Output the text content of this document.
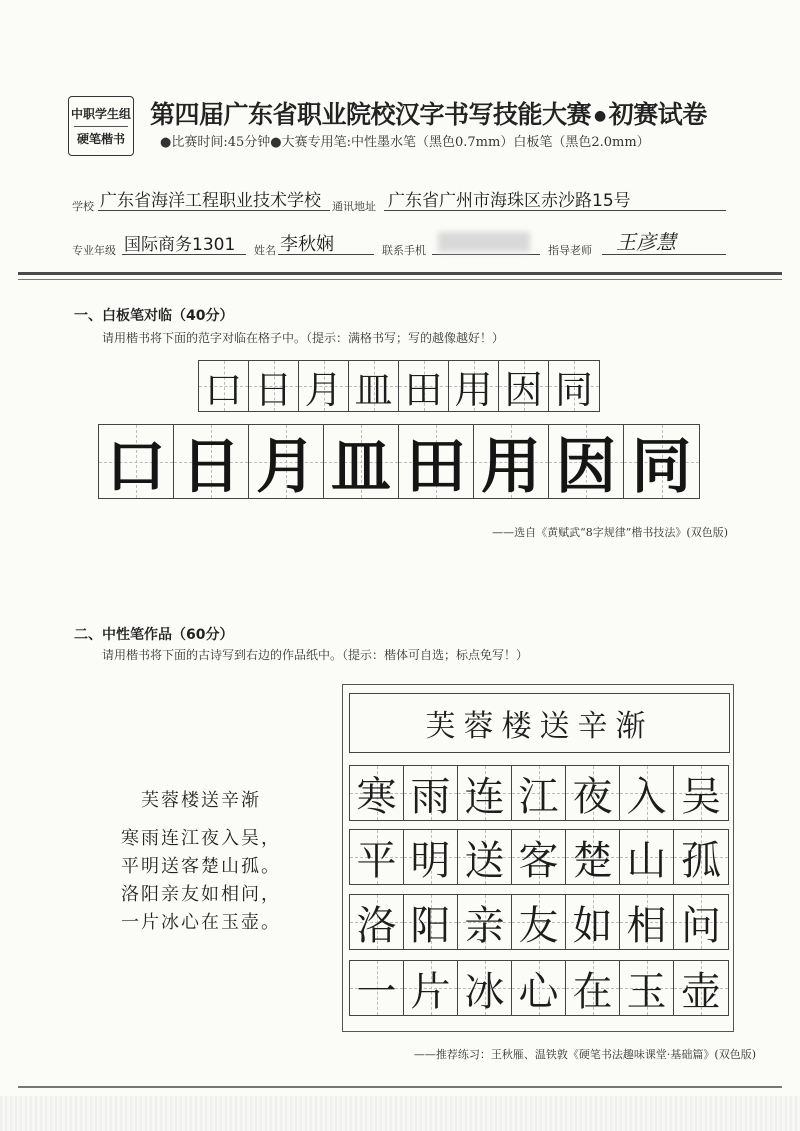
中职学生组
硬笔楷书
第四届广东省职业院校汉字书写技能大赛 ● 初赛试卷
●比赛时间:45分钟●大赛专用笔:中性墨水笔（黑色0.7mm）白板笔（黑色2.0mm）
学校 广东省海洋工程职业技术学校 通讯地址 广东省广州市海珠区赤沙路15号
专业年级 国际商务1301 姓名 李秋娴	联系手机	指导老师 王彦慧
一、白板笔对临（40分）
请用楷书将下面的范字对临在格子中。（提示：满格书写；写的越像越好！）
口 日 月 皿 田 用 因 同
口 日 月 皿 田 用 因 同
——选自《黄赋武“8字规律”楷书技法》(双色版)
二、中性笔作品（60分）
请用楷书将下面的古诗写到右边的作品纸中。（提示：楷体可自选；标点免写！）
芙蓉楼送辛渐
寒雨连江夜入吴，
平明送客楚山孤。
洛阳亲友如相问，
一片冰心在玉壶。
芙蓉楼送辛渐
寒 雨 连 江 夜 入 吴
平 明 送 客 楚 山 孤
洛 阳 亲 友 如 相 问
一 片 冰 心 在 玉 壶
——推荐练习：王秋雁、温铁敦《硬笔书法趣味课堂·基础篇》(双色版)
